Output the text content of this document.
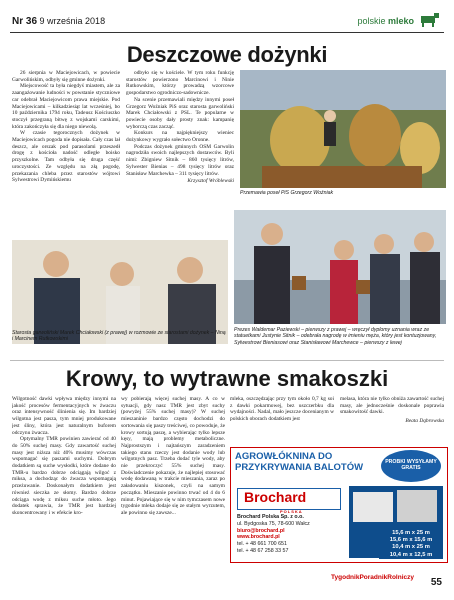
Nr 36 9 września 2018	polskie mleko
Deszczowe dożynki

26 sierpnia w Maciejowicach, w powiecie Garwolińskim, odbyły się gminne dożynki.

Miejscowość ta była niegdyś miastem, ale za zaangażowanie ludności w powstanie styczniowe car odebrał Maciejowicom prawa miejskie. Pod Maciejowicami – kilkadziesiąt lat wcześniej, bo 10 października 1794 roku, Tadeusz Kościuszko stoczył przegraną bitwę z wojskami carskimi, która zakończyła się dla niego niewolą.

W czasie tegorocznych dożynek w Maciejowicach pogoda nie dopisała. Cały czas lał deszcz, ale orszak pod parasolami przeszedł drogę z kościoła nadość odległe boisko przyszkolne. Tam odbyła się druga część uroczystości. Ze względu na złą pogodę, przekazania chleba przez starostów wójtowi Sylwestrowi Dymińskiemu

odbyło się w kościele. W tym roku funkcję starostów powierzono Marcinowi i Ninie Rutkowskim, którzy prowadzą wzorcowe gospodarstwo ogrodniczo-sadownicze.

Na scenie przemawiali między innymi poseł Grzegorz Woźniak PiS oraz starosta garwoliński Marek Chciałowski z PSL. Te popularne w powiecie osoby dały prosty znak: kampanię wyborczą czas zacząć.

Konkurs na najpiękniejszy wieniec dożynkowy wygrało sołectwo Oronne.

Podczas dożynek gminnych OSM Garwolin nagrodziła swoich najlepszych dostawców. Byli nimi: Zbigniew Sitnik – 860 tysięcy litrów, Sylwester Bienias – 498 tysięcy litrów oraz Stanisław Marchewka – 311 tysięcy litrów.

Krzysztof Wróblewski
Przemawia poseł PiS Grzegorz Woźniak
Prezes Waldemar Paziewski – pierwszy z prawej – wręczył dyplomy uznania wraz ze statuetkami Justynie Sitnik – odebrała nagrodę w imieniu męża, który jest kontuzjowany, Sylwestrowi Bieniasowi oraz Stanisławowi Marchewce – pierwszy z lewej
Starosta garwoliński Marek Chciałowski (z prawej) w rozmowie ze starostami dożynek – Niną i Marcinem Rutkowskimi
Krowy, to wytrawne smakoszki

Wilgotność dawki wpływa między innymi na jakość procesów fermentacyjnych w żwaczu oraz intensywność ślinienia się. Im bardziej wilgotna jest pasza, tym mniej produkowane jest śliny, która jest naturalnym buforem odczynu żwacza.

Optymalny TMR powinien zawierać od 40 do 50% suchej masy. Gdy zawartość suchej masy jest niższa niż 40% musimy wówczas wspomagać się paszami suchymi. Dobrym dodatkiem są suche wysłodki, które dodane do TMR-u bardzo dobrze odciągają wilgoć z miksa, a dochodząc do żwacza wspomagają przeżuwanie. Doskonałym dodatkiem jest również sieczka ze słomy. Bardzo dobrze odciąga wodę z miksu suche młoto. Jego dodatek sprawia, że TMR jest bardziej skoncentrowany i w efekcie kro-

wy pobierają więcej suchej masy. A co w sytuacji, gdy nasz TMR jest zbyt suchy (powyżej 55% suchej masy)? W suchej mieszaninie bardzo często dochodzi do sortowania się paszy treściwej, co powoduje, że krowy sortują paszę, a wybierając tylko lepsze kęsy, mają problemy metaboliczne. Najprostszym i najtańszym zaradzeniem takiego stanu rzeczy jest dodanie wody lub wilgotnych pasz. Trzeba dodać tyle wody, aby nie przekroczyć 55% suchej masy. Doświadczenie pokazuje, że najlepiej stosować wodę dodawaną w trakcie mieszania, zaraz po załadowaniu kiszonek, czyli na samym początku. Mieszanie powinno trwać od 4 do 6 minut. Pojawiające się w nim tymczasem nowe tygodnie mleka dodaje się ze stałym wyrzutem, ale powinno się zawsze...

mleka, oszczędzając przy tym około 0,7 kg soi z dawki pokarmowej, bez uszczerbku dla wydajności. Nadal, mało jeszcze docenianym w polskich oborach dodatkiem jest

melasa, która nie tylko obniża zawartość suchej masy, ale jednocześnie doskonale poprawia smakowitość dawki.

Beata Dąbrowska
AGROWŁÓKNINA DO PRZYKRYWANIA BALOTÓW	PROBKI WYSYŁAMY GRATIS
Brochard
POLSKA
Brochard Polska Sp. z o.o.
ul. Bydgoska 75, 78-600 Wałcz
biuro@brochard.pl
www.brochard.pl
tel. + 48 661 700 651
tel. + 48 67 258 33 57
15,6 m x 25 m
15,6 m x 15,6 m
10,4 m x 25 m
10,4 m x 12,5 m
TygodnikPoradnikRolniczy 55
